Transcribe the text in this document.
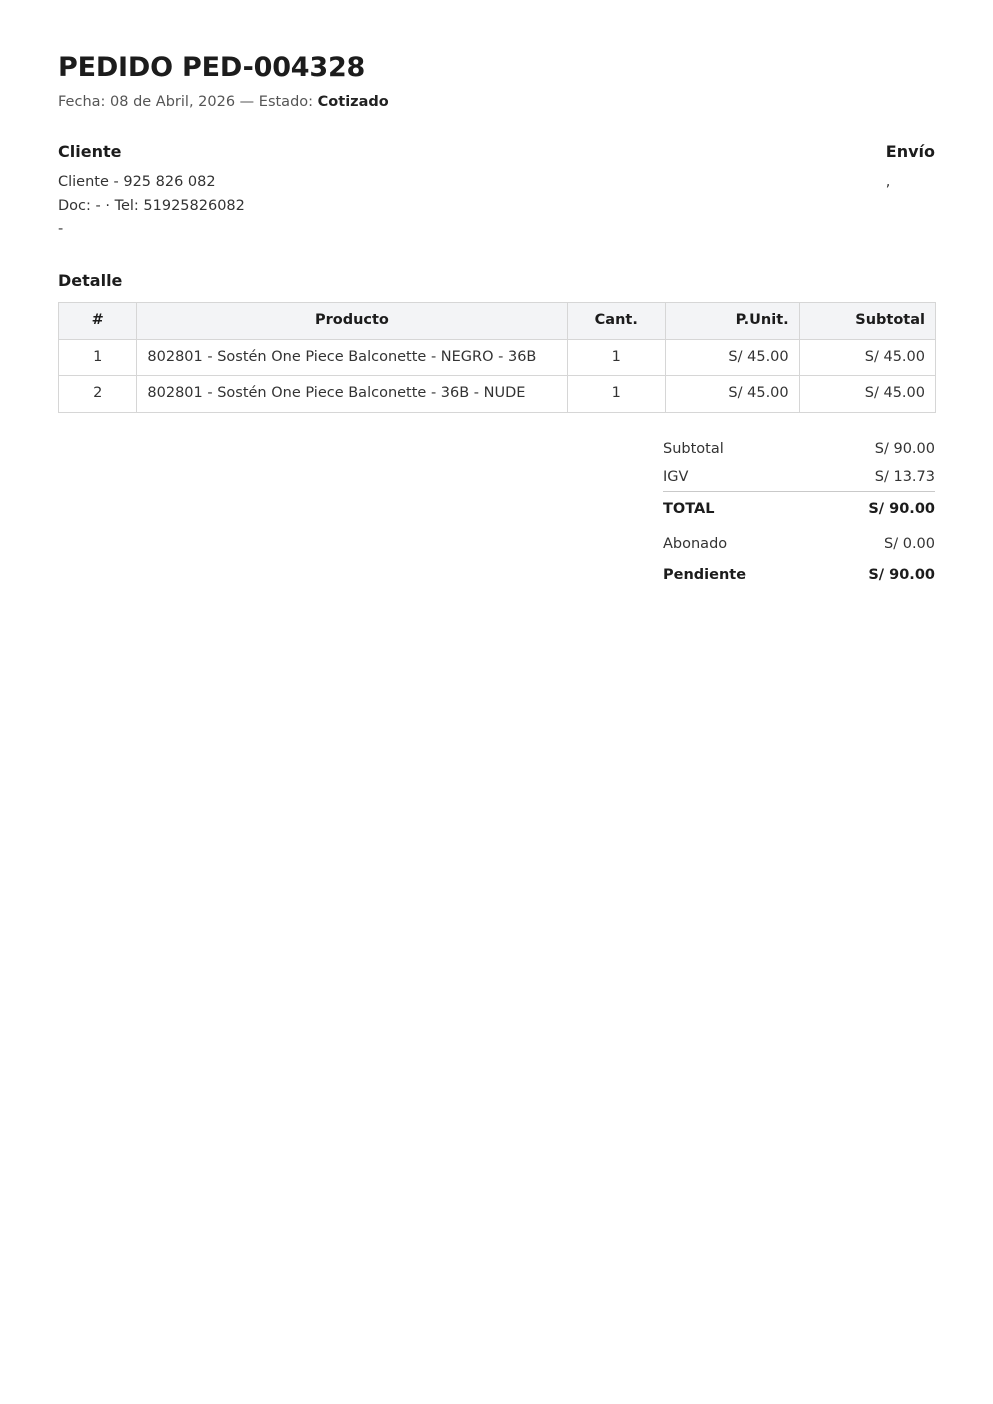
PEDIDO PED-004328

Fecha: 08 de Abril, 2026 — Estado: Cotizado

Cliente
Cliente - 925 826 082
Doc: - · Tel: 51925826082
-
Envío
,
Detalle
#	Producto	Cant.	P.Unit.	Subtotal
1	802801 - Sostén One Piece Balconette - NEGRO - 36B	1	S/ 45.00	S/ 45.00
2	802801 - Sostén One Piece Balconette - 36B - NUDE	1	S/ 45.00	S/ 45.00
Subtotal	S/ 90.00
IGV	S/ 13.73
TOTAL	S/ 90.00
Abonado	S/ 0.00
Pendiente	S/ 90.00
